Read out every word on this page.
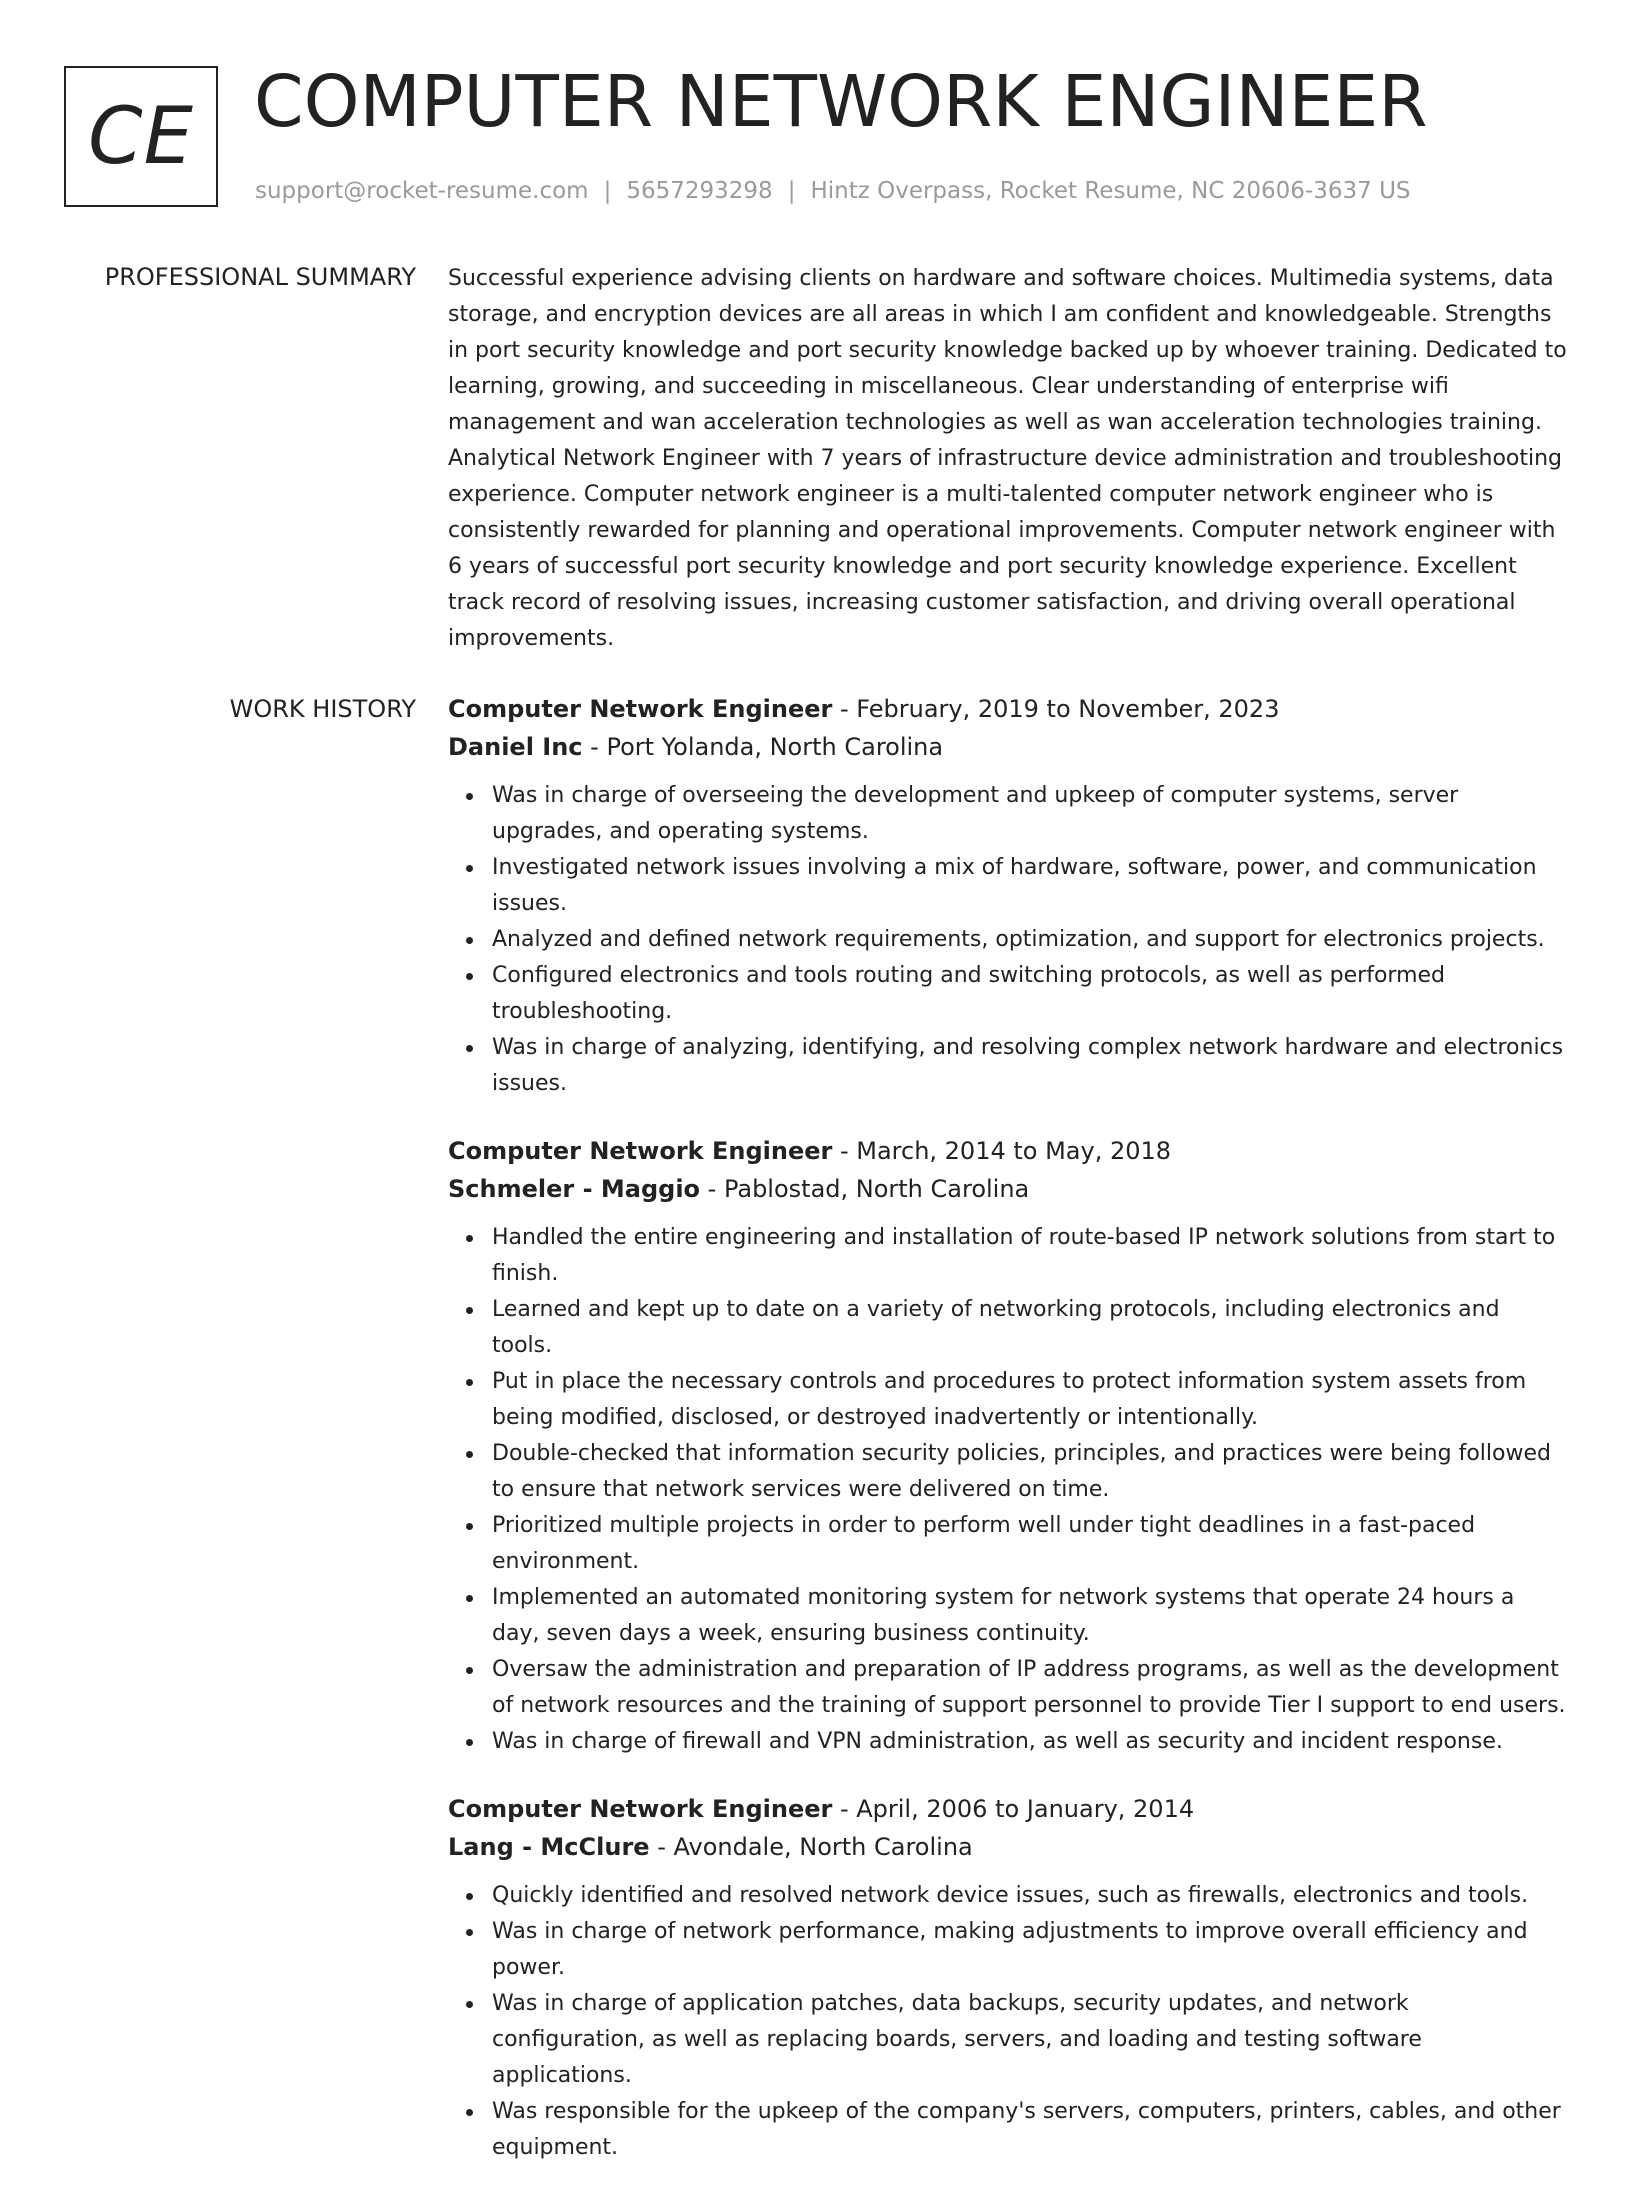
CE COMPUTER NETWORK ENGINEER
support@rocket-resume.com | 5657293298 | Hintz Overpass, Rocket Resume, NC 20606-3637 US
PROFESSIONAL SUMMARY Successful experience advising clients on hardware and software choices. Multimedia systems, data storage, and encryption devices are all areas in which I am confident and knowledgeable. Strengths in port security knowledge and port security knowledge backed up by whoever training. Dedicated to learning, growing, and succeeding in miscellaneous. Clear understanding of enterprise wifi management and wan acceleration technologies as well as wan acceleration technologies training. Analytical Network Engineer with 7 years of infrastructure device administration and troubleshooting experience. Computer network engineer is a multi-talented computer network engineer who is consistently rewarded for planning and operational improvements. Computer network engineer with 6 years of successful port security knowledge and port security knowledge experience. Excellent track record of resolving issues, increasing customer satisfaction, and driving overall operational improvements.

WORK HISTORY Computer Network Engineer - February, 2019 to November, 2023
Daniel Inc - Port Yolanda, North Carolina
Was in charge of overseeing the development and upkeep of computer systems, server upgrades, and operating systems.
Investigated network issues involving a mix of hardware, software, power, and communication issues.
Analyzed and defined network requirements, optimization, and support for electronics projects.
Configured electronics and tools routing and switching protocols, as well as performed troubleshooting.
Was in charge of analyzing, identifying, and resolving complex network hardware and electronics issues.
Computer Network Engineer - March, 2014 to May, 2018
Schmeler - Maggio - Pablostad, North Carolina
Handled the entire engineering and installation of route-based IP network solutions from start to finish.
Learned and kept up to date on a variety of networking protocols, including electronics and tools.
Put in place the necessary controls and procedures to protect information system assets from being modified, disclosed, or destroyed inadvertently or intentionally.
Double-checked that information security policies, principles, and practices were being followed to ensure that network services were delivered on time.
Prioritized multiple projects in order to perform well under tight deadlines in a fast-paced environment.
Implemented an automated monitoring system for network systems that operate 24 hours a day, seven days a week, ensuring business continuity.
Oversaw the administration and preparation of IP address programs, as well as the development of network resources and the training of support personnel to provide Tier I support to end users.
Was in charge of firewall and VPN administration, as well as security and incident response.
Computer Network Engineer - April, 2006 to January, 2014
Lang - McClure - Avondale, North Carolina
Quickly identified and resolved network device issues, such as firewalls, electronics and tools.
Was in charge of network performance, making adjustments to improve overall efficiency and power.
Was in charge of application patches, data backups, security updates, and network configuration, as well as replacing boards, servers, and loading and testing software applications.
Was responsible for the upkeep of the company's servers, computers, printers, cables, and other equipment.
